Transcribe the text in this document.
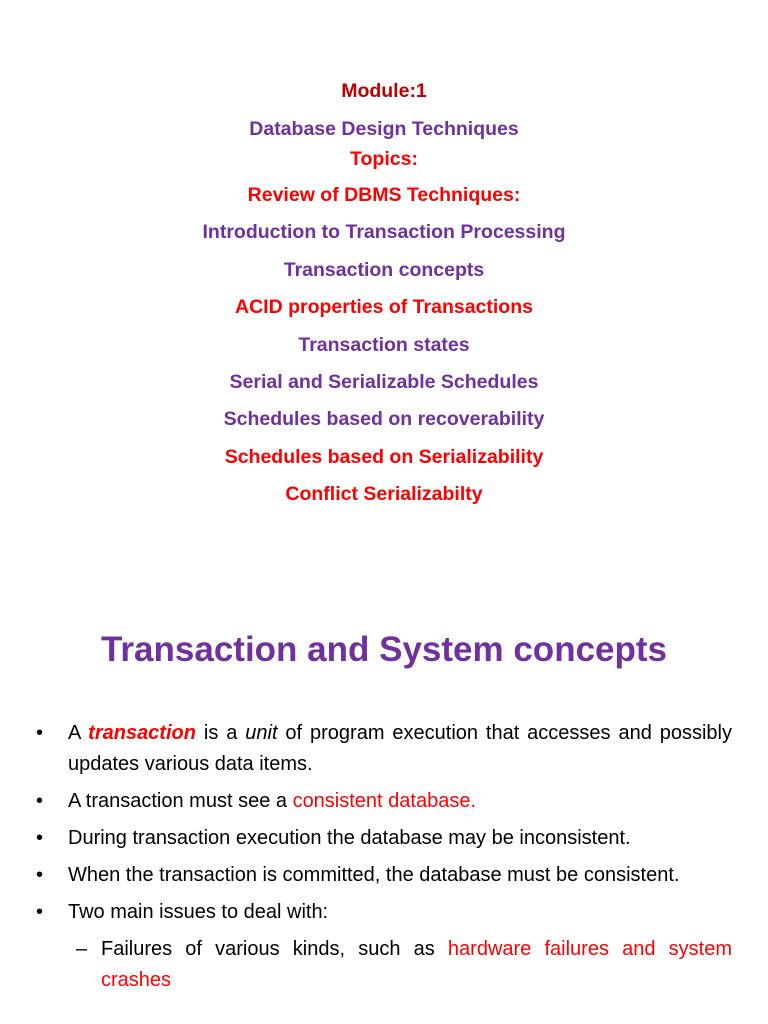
Module:1
Database Design Techniques
Topics:
Review of DBMS Techniques:
Introduction to Transaction Processing
Transaction concepts
ACID properties of Transactions
Transaction states
Serial and Serializable Schedules
Schedules based on recoverability
Schedules based on Serializability
Conflict Serializabilty
Transaction and System concepts
• A transaction is a unit of program execution that accesses and possibly updates various data items.
• A transaction must see a consistent database.
• During transaction execution the database may be inconsistent.
• When the transaction is committed, the database must be consistent.
• Two main issues to deal with:
– Failures of various kinds, such as hardware failures and system crashes
